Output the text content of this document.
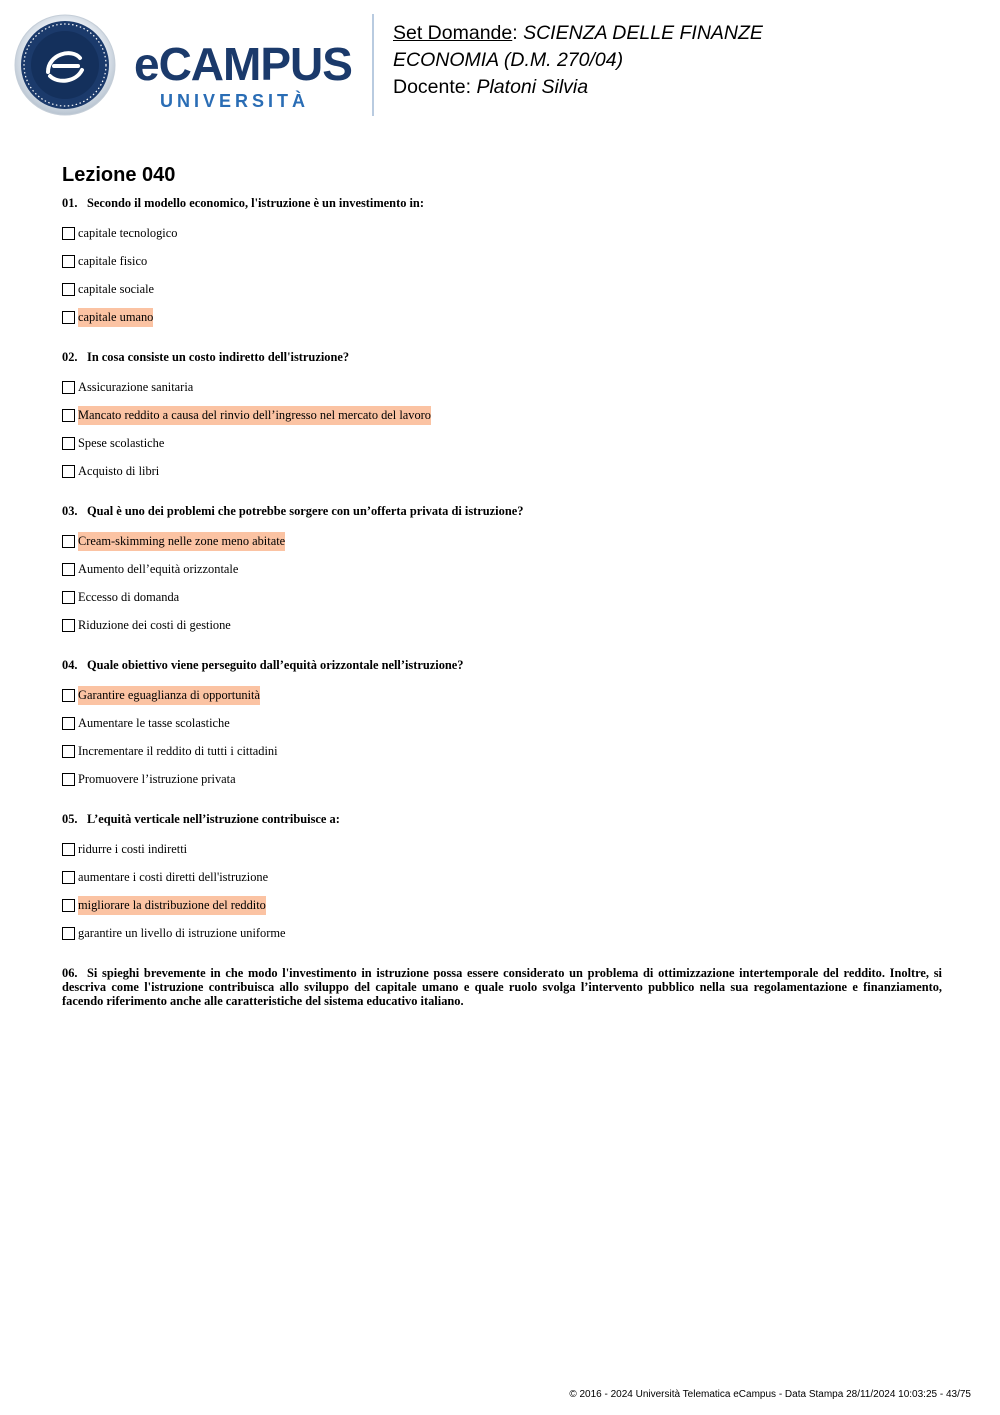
eCAMPUS
UNIVERSITÀ
Set Domande: SCIENZA DELLE FINANZE
ECONOMIA (D.M. 270/04)
Docente: Platoni Silvia
Lezione 040

01. Secondo il modello economico, l'istruzione è un investimento in:

capitale tecnologico
capitale fisico
capitale sociale
capitale umano

02. In cosa consiste un costo indiretto dell'istruzione?

Assicurazione sanitaria
Mancato reddito a causa del rinvio dell’ingresso nel mercato del lavoro
Spese scolastiche
Acquisto di libri

03. Qual è uno dei problemi che potrebbe sorgere con un’offerta privata di istruzione?

Cream-skimming nelle zone meno abitate
Aumento dell’equità orizzontale
Eccesso di domanda
Riduzione dei costi di gestione

04. Quale obiettivo viene perseguito dall’equità orizzontale nell’istruzione?

Garantire eguaglianza di opportunità
Aumentare le tasse scolastiche
Incrementare il reddito di tutti i cittadini
Promuovere l’istruzione privata

05. L’equità verticale nell’istruzione contribuisce a:

ridurre i costi indiretti
aumentare i costi diretti dell'istruzione
migliorare la distribuzione del reddito
garantire un livello di istruzione uniforme

06. Si spieghi brevemente in che modo l'investimento in istruzione possa essere considerato un problema di ottimizzazione intertemporale del reddito. Inoltre, si descriva come l'istruzione contribuisca allo sviluppo del capitale umano e quale ruolo svolga l’intervento pubblico nella sua regolamentazione e finanziamento, facendo riferimento anche alle caratteristiche del sistema educativo italiano.

© 2016 - 2024 Università Telematica eCampus - Data Stampa 28/11/2024 10:03:25 - 43/75
